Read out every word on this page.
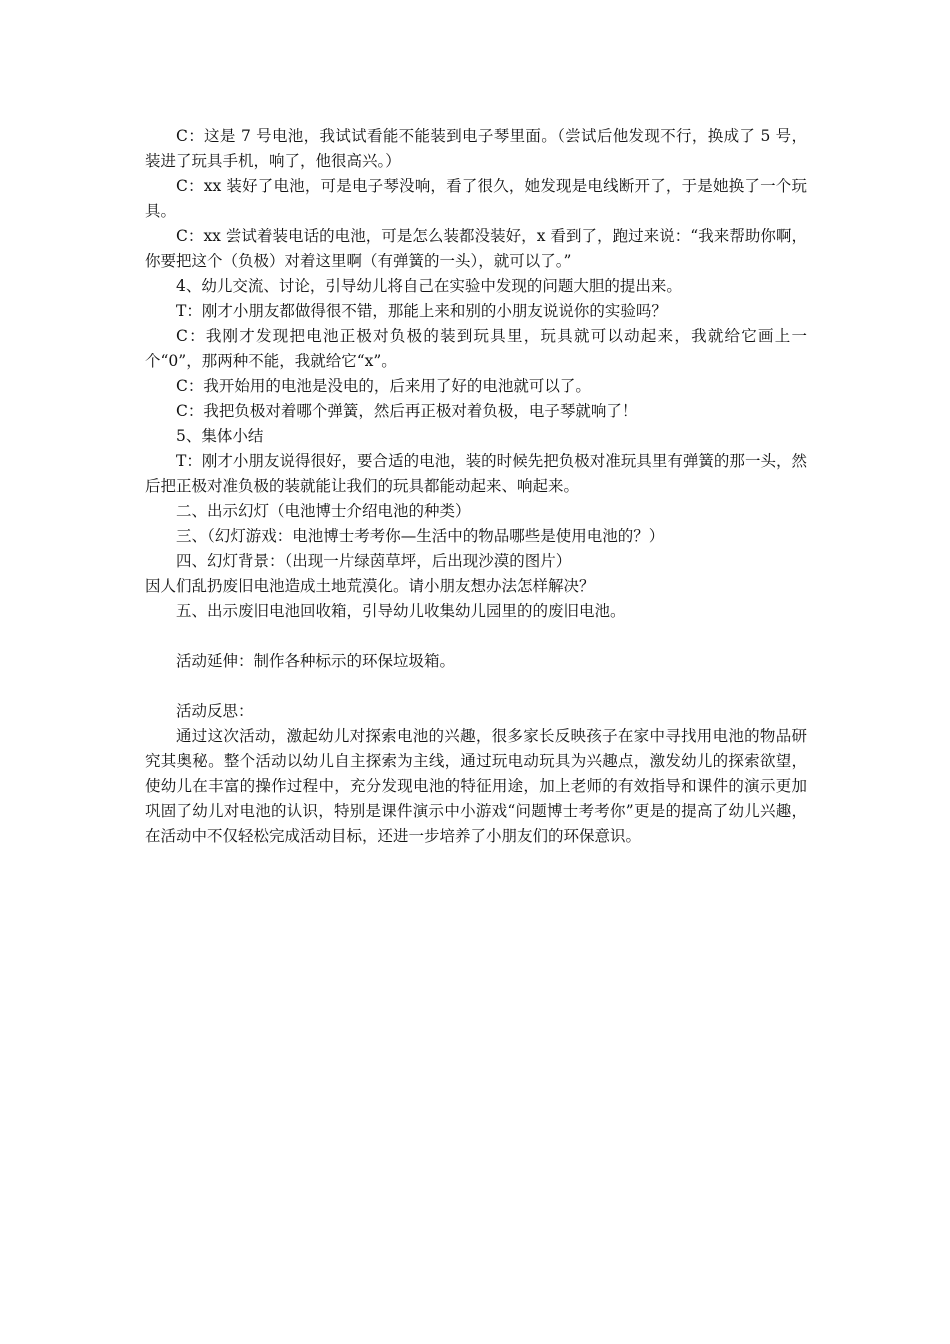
C：这是 7 号电池，我试试看能不能装到电子琴里面。（尝试后他发现不行，换成了 5 号，装进了玩具手机，响了，他很高兴。）

C：xx 装好了电池，可是电子琴没响，看了很久，她发现是电线断开了，于是她换了一个玩具。

C：xx 尝试着装电话的电池，可是怎么装都没装好，x 看到了，跑过来说：“我来帮助你啊，你要把这个（负极）对着这里啊（有弹簧的一头），就可以了。”

4、幼儿交流、讨论，引导幼儿将自己在实验中发现的问题大胆的提出来。

T：刚才小朋友都做得很不错，那能上来和别的小朋友说说你的实验吗？

C：我刚才发现把电池正极对负极的装到玩具里，玩具就可以动起来，我就给它画上一个“0”，那两种不能，我就给它“x”。

C：我开始用的电池是没电的，后来用了好的电池就可以了。

C：我把负极对着哪个弹簧，然后再正极对着负极，电子琴就响了！

5、集体小结

T：刚才小朋友说得很好，要合适的电池，装的时候先把负极对准玩具里有弹簧的那一头，然后把正极对准负极的装就能让我们的玩具都能动起来、响起来。

二、出示幻灯（电池博士介绍电池的种类）

三、（幻灯游戏：电池博士考考你—生活中的物品哪些是使用电池的？）

四、幻灯背景：（出现一片绿茵草坪，后出现沙漠的图片）

因人们乱扔废旧电池造成土地荒漠化。请小朋友想办法怎样解决？

五、出示废旧电池回收箱，引导幼儿收集幼儿园里的的废旧电池。

活动延伸：制作各种标示的环保垃圾箱。

活动反思：

通过这次活动，激起幼儿对探索电池的兴趣，很多家长反映孩子在家中寻找用电池的物品研究其奥秘。整个活动以幼儿自主探索为主线，通过玩电动玩具为兴趣点，激发幼儿的探索欲望，使幼儿在丰富的操作过程中，充分发现电池的特征用途，加上老师的有效指导和课件的演示更加巩固了幼儿对电池的认识，特别是课件演示中小游戏“问题博士考考你”更是的提高了幼儿兴趣，在活动中不仅轻松完成活动目标，还进一步培养了小朋友们的环保意识。
